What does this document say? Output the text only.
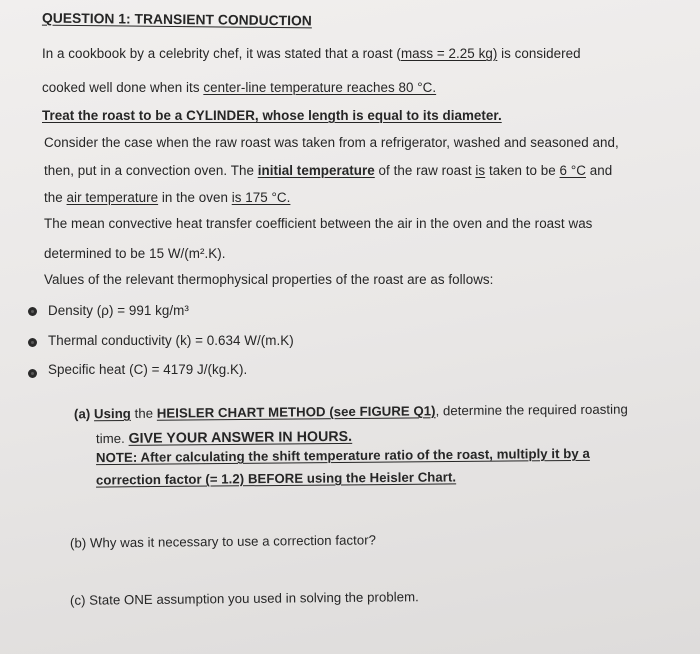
QUESTION 1: TRANSIENT CONDUCTION
In a cookbook by a celebrity chef, it was stated that a roast (mass = 2.25 kg) is considered
cooked well done when its center-line temperature reaches 80 °C.
Treat the roast to be a CYLINDER, whose length is equal to its diameter.
Consider the case when the raw roast was taken from a refrigerator, washed and seasoned and,
then, put in a convection oven. The initial temperature of the raw roast is taken to be 6 °C and
the air temperature in the oven is 175 °C.
The mean convective heat transfer coefficient between the air in the oven and the roast was
determined to be 15 W/(m².K).
Values of the relevant thermophysical properties of the roast are as follows:
Density (ρ) = 991 kg/m³
Thermal conductivity (k) = 0.634 W/(m.K)
Specific heat (C) = 4179 J/(kg.K).
(a) Using the HEISLER CHART METHOD (see FIGURE Q1), determine the required roasting
time. GIVE YOUR ANSWER IN HOURS.
NOTE: After calculating the shift temperature ratio of the roast, multiply it by a
correction factor (= 1.2) BEFORE using the Heisler Chart.
(b) Why was it necessary to use a correction factor?
(c) State ONE assumption you used in solving the problem.
